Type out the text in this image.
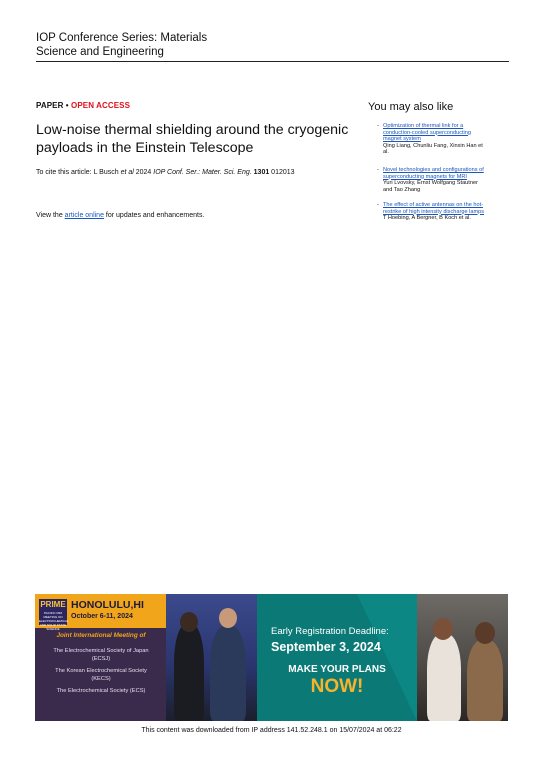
IOP Conference Series: Materials
Science and Engineering
PAPER • OPEN ACCESS
Low-noise thermal shielding around the cryogenic
payloads in the Einstein Telescope
To cite this article: L Busch et al 2024 IOP Conf. Ser.: Mater. Sci. Eng. 1301 012013
View the article online for updates and enhancements.
You may also like
- Optimization of thermal link for a
conduction-cooled superconducting
magnet system
Qing Liang, Chunliu Fang, Xinxin Han et
al.
- Novel technologies and configurations of
superconducting magnets for MRI
Yuri Lvovsky, Ernst Wolfgang Stautner
and Tao Zhang
- The effect of active antennas on the hot-
restrike of high intensity discharge lamps
T Hoebing, A Bergner, B Koch et al.
PRIME
PACIFIC RIM MEETING ON ELECTROCHEMICAL AND SOLID STATE SCIENCE
HONOLULU,HI
October 6-11, 2024
Joint International Meeting of
The Electrochemical Society of Japan
(ECSJ)
The Korean Electrochemical Society
(KECS)
The Electrochemical Society (ECS)
Early Registration Deadline:
September 3, 2024
MAKE YOUR PLANS
NOW!
This content was downloaded from IP address 141.52.248.1 on 15/07/2024 at 06:22
